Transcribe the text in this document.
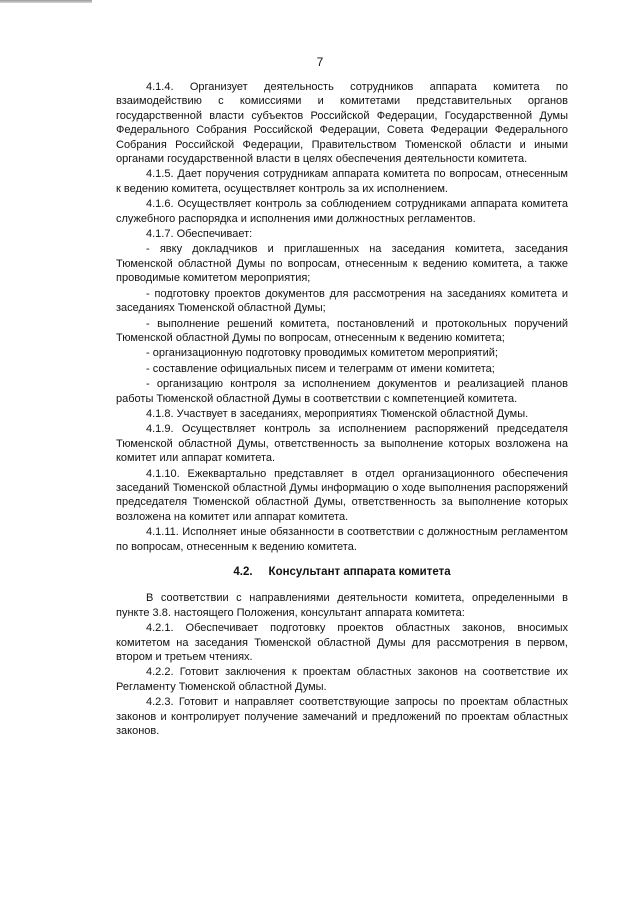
7

4.1.4. Организует деятельность сотрудников аппарата комитета по взаимодействию с комиссиями и комитетами представительных органов государственной власти субъектов Российской Федерации, Государственной Думы Федерального Собрания Российской Федерации, Совета Федерации Федерального Собрания Российской Федерации, Правительством Тюменской области и иными органами государственной власти в целях обеспечения деятельности комитета.

4.1.5. Дает поручения сотрудникам аппарата комитета по вопросам, отнесенным к ведению комитета, осуществляет контроль за их исполнением.

4.1.6. Осуществляет контроль за соблюдением сотрудниками аппарата комитета служебного распорядка и исполнения ими должностных регламентов.

4.1.7. Обеспечивает:

- явку докладчиков и приглашенных на заседания комитета, заседания Тюменской областной Думы по вопросам, отнесенным к ведению комитета, а также проводимые комитетом мероприятия;

- подготовку проектов документов для рассмотрения на заседаниях комитета и заседаниях Тюменской областной Думы;

- выполнение решений комитета, постановлений и протокольных поручений Тюменской областной Думы по вопросам, отнесенным к ведению комитета;

- организационную подготовку проводимых комитетом мероприятий;

- составление официальных писем и телеграмм от имени комитета;

- организацию контроля за исполнением документов и реализацией планов работы Тюменской областной Думы в соответствии с компетенцией комитета.

4.1.8. Участвует в заседаниях, мероприятиях Тюменской областной Думы.

4.1.9. Осуществляет контроль за исполнением распоряжений председателя Тюменской областной Думы, ответственность за выполнение которых возложена на комитет или аппарат комитета.

4.1.10. Ежеквартально представляет в отдел организационного обеспечения заседаний Тюменской областной Думы информацию о ходе выполнения распоряжений председателя Тюменской областной Думы, ответственность за выполнение которых возложена на комитет или аппарат комитета.

4.1.11. Исполняет иные обязанности в соответствии с должностным регламентом по вопросам, отнесенным к ведению комитета.

4.2. Консультант аппарата комитета

В соответствии с направлениями деятельности комитета, определенными в пункте 3.8. настоящего Положения, консультант аппарата комитета:

4.2.1. Обеспечивает подготовку проектов областных законов, вносимых комитетом на заседания Тюменской областной Думы для рассмотрения в первом, втором и третьем чтениях.

4.2.2. Готовит заключения к проектам областных законов на соответствие их Регламенту Тюменской областной Думы.

4.2.3. Готовит и направляет соответствующие запросы по проектам областных законов и контролирует получение замечаний и предложений по проектам областных законов.
